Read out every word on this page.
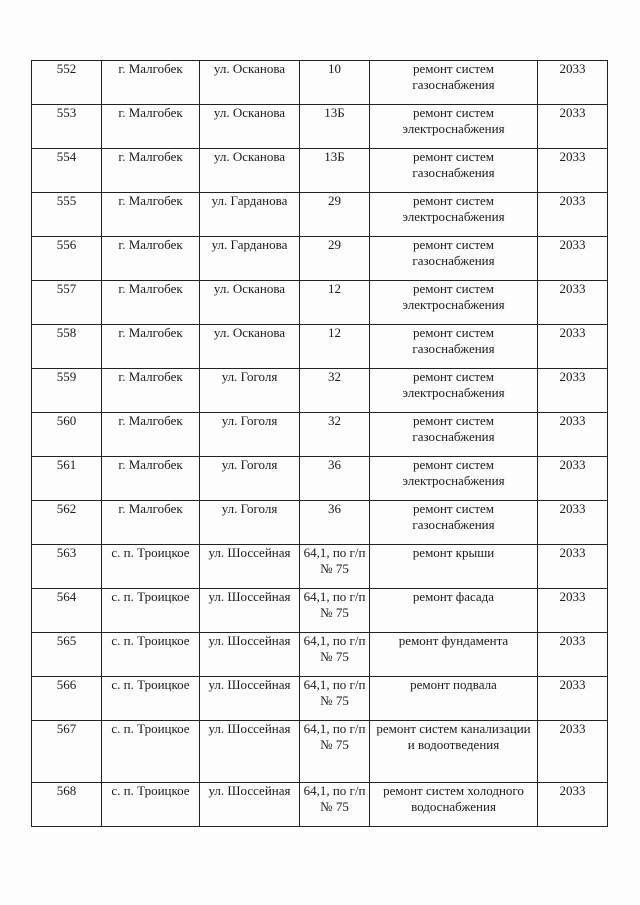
552	г. Малгобек	ул. Осканова	10	ремонт систем газоснабжения	2033
553	г. Малгобек	ул. Осканова	13Б	ремонт систем электроснабжения	2033
554	г. Малгобек	ул. Осканова	13Б	ремонт систем газоснабжения	2033
555	г. Малгобек	ул. Гарданова	29	ремонт систем электроснабжения	2033
556	г. Малгобек	ул. Гарданова	29	ремонт систем газоснабжения	2033
557	г. Малгобек	ул. Осканова	12	ремонт систем электроснабжения	2033
558	г. Малгобек	ул. Осканова	12	ремонт систем газоснабжения	2033
559	г. Малгобек	ул. Гоголя	32	ремонт систем электроснабжения	2033
560	г. Малгобек	ул. Гоголя	32	ремонт систем газоснабжения	2033
561	г. Малгобек	ул. Гоголя	36	ремонт систем электроснабжения	2033
562	г. Малгобек	ул. Гоголя	36	ремонт систем газоснабжения	2033
563	с. п. Троицкое	ул. Шоссейная	64,1, по г/п № 75	ремонт крыши	2033
564	с. п. Троицкое	ул. Шоссейная	64,1, по г/п № 75	ремонт фасада	2033
565	с. п. Троицкое	ул. Шоссейная	64,1, по г/п № 75	ремонт фундамента	2033
566	с. п. Троицкое	ул. Шоссейная	64,1, по г/п № 75	ремонт подвала	2033
567	с. п. Троицкое	ул. Шоссейная	64,1, по г/п № 75	ремонт систем канализации и водоотведения	2033
568	с. п. Троицкое	ул. Шоссейная	64,1, по г/п № 75	ремонт систем холодного водоснабжения	2033
